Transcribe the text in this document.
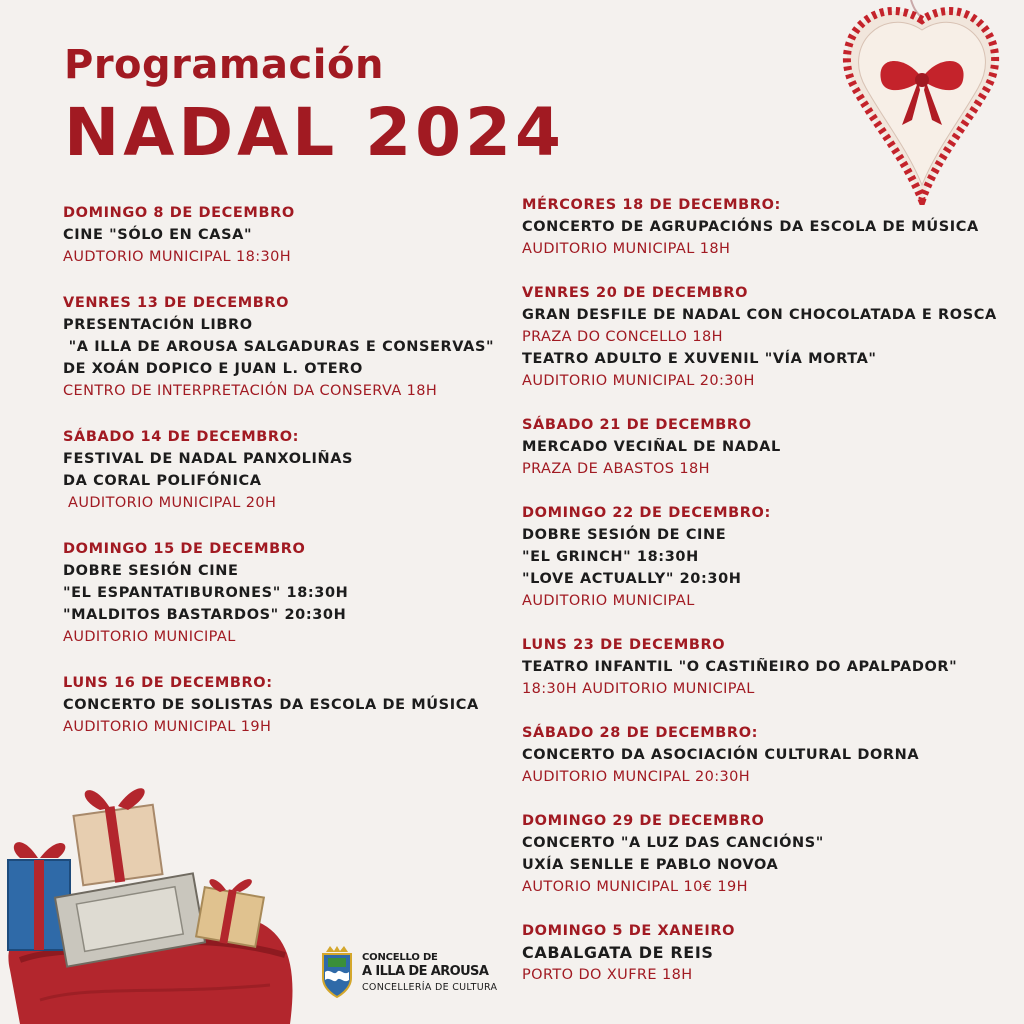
Programación
NADAL 2024
DOMINGO 8 DE DECEMBRO
CINE "SÓLO EN CASA"
AUDTORIO MUNICIPAL 18:30H
VENRES 13 DE DECEMBRO
PRESENTACIÓN LIBRO
"A ILLA DE AROUSA SALGADURAS E CONSERVAS"
DE XOÁN DOPICO E JUAN L. OTERO
CENTRO DE INTERPRETACIÓN DA CONSERVA 18H
SÁBADO 14 DE DECEMBRO:
FESTIVAL DE NADAL PANXOLIÑAS
DA CORAL POLIFÓNICA
AUDITORIO MUNICIPAL 20H
DOMINGO 15 DE DECEMBRO
DOBRE SESIÓN CINE
"EL ESPANTATIBURONES" 18:30H
"MALDITOS BASTARDOS" 20:30H
AUDITORIO MUNICIPAL
LUNS 16 DE DECEMBRO:
CONCERTO DE SOLISTAS DA ESCOLA DE MÚSICA
AUDITORIO MUNICIPAL 19H
MÉRCORES 18 DE DECEMBRO:
CONCERTO DE AGRUPACIÓNS DA ESCOLA DE MÚSICA
AUDITORIO MUNICIPAL 18H
VENRES 20 DE DECEMBRO
GRAN DESFILE DE NADAL CON CHOCOLATADA E ROSCA
PRAZA DO CONCELLO 18H
TEATRO ADULTO E XUVENIL "VÍA MORTA"
AUDITORIO MUNICIPAL 20:30H
SÁBADO 21 DE DECEMBRO
MERCADO VECIÑAL DE NADAL
PRAZA DE ABASTOS 18H
DOMINGO 22 DE DECEMBRO:
DOBRE SESIÓN DE CINE
"EL GRINCH" 18:30H
"LOVE ACTUALLY" 20:30H
AUDITORIO MUNICIPAL
LUNS 23 DE DECEMBRO
TEATRO INFANTIL "O CASTIÑEIRO DO APALPADOR"
18:30H AUDITORIO MUNICIPAL
SÁBADO 28 DE DECEMBRO:
CONCERTO DA ASOCIACIÓN CULTURAL DORNA
AUDITORIO MUNCIPAL 20:30H
DOMINGO 29 DE DECEMBRO
CONCERTO "A LUZ DAS CANCIÓNS"
UXÍA SENLLE E PABLO NOVOA
AUTORIO MUNICIPAL 10€ 19H
DOMINGO 5 DE XANEIRO
CABALGATA DE REIS
PORTO DO XUFRE 18H
CONCELLO DE
A ILLA DE AROUSA
CONCELLERÍA DE CULTURA
